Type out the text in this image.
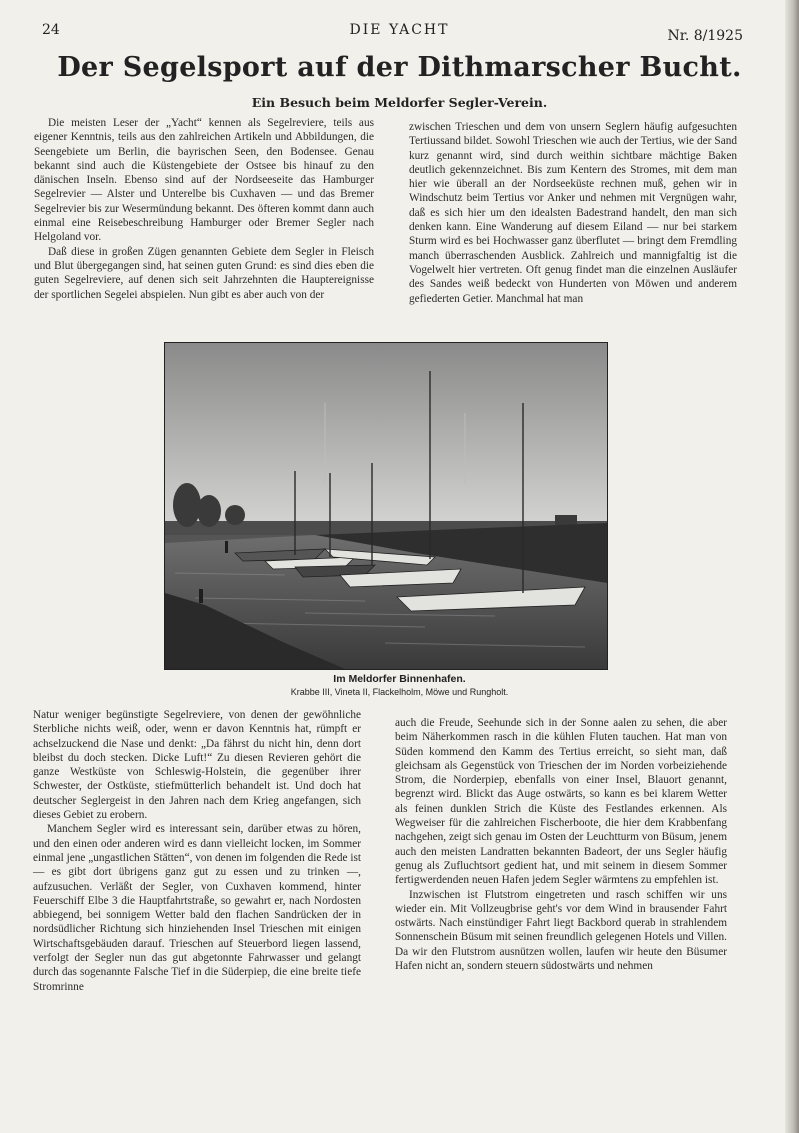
24	DIE YACHT	Nr. 8/1925
Der Segelsport auf der Dithmarscher Bucht.
Ein Besuch beim Meldorfer Segler-Verein.

Die meisten Leser der „Yacht“ kennen als Segelreviere, teils aus eigener Kenntnis, teils aus den zahlreichen Artikeln und Abbildungen, die Seengebiete um Berlin, die bayrischen Seen, den Bodensee. Genau bekannt sind auch die Küstengebiete der Ostsee bis hinauf zu den dänischen Inseln. Ebenso sind auf der Nordseeseite das Hamburger Segelrevier — Alster und Unterelbe bis Cuxhaven — und das Bremer Segelrevier bis zur Wesermündung bekannt. Des öfteren kommt dann auch einmal eine Reisebeschreibung Hamburger oder Bremer Segler nach Helgoland vor.

Daß diese in großen Zügen genannten Gebiete dem Segler in Fleisch und Blut übergegangen sind, hat seinen guten Grund: es sind dies eben die guten Segelreviere, auf denen sich seit Jahrzehnten die Hauptereignisse der sportlichen Segelei abspielen. Nun gibt es aber auch von der

zwischen Trieschen und dem von unsern Seglern häufig aufgesuchten Tertiussand bildet. Sowohl Trieschen wie auch der Tertius, wie der Sand kurz genannt wird, sind durch weithin sichtbare mächtige Baken deutlich gekennzeichnet. Bis zum Kentern des Stromes, mit dem man hier wie überall an der Nordseeküste rechnen muß, gehen wir in Windschutz beim Tertius vor Anker und nehmen mit Vergnügen wahr, daß es sich hier um den idealsten Badestrand handelt, den man sich denken kann. Eine Wanderung auf diesem Eiland — nur bei starkem Sturm wird es bei Hochwasser ganz überflutet — bringt dem Fremdling manch überraschenden Ausblick. Zahlreich und mannigfaltig ist die Vogelwelt hier vertreten. Oft genug findet man die einzelnen Ausläufer des Sandes weiß bedeckt von Hunderten von Möwen und anderem gefiederten Getier. Manchmal hat man

Im Meldorfer Binnenhafen.
Krabbe III, Vineta II, Flackelholm, Möwe und Rungholt.

Natur weniger begünstigte Segelreviere, von denen der gewöhnliche Sterbliche nichts weiß, oder, wenn er davon Kenntnis hat, rümpft er achselzuckend die Nase und denkt: „Da fährst du nicht hin, denn dort bleibst du doch stecken. Dicke Luft!“ Zu diesen Revieren gehört die ganze Westküste von Schleswig-Holstein, die gegenüber ihrer Schwester, der Ostküste, stiefmütterlich behandelt ist. Und doch hat deutscher Seglergeist in den Jahren nach dem Krieg angefangen, sich dieses Gebiet zu erobern.

Manchem Segler wird es interessant sein, darüber etwas zu hören, und den einen oder anderen wird es dann vielleicht locken, im Sommer einmal jene „ungastlichen Stätten“, von denen im folgenden die Rede ist — es gibt dort übrigens ganz gut zu essen und zu trinken —, aufzusuchen. Verläßt der Segler, von Cuxhaven kommend, hinter Feuerschiff Elbe 3 die Hauptfahrtstraße, so gewahrt er, nach Nordosten abbiegend, bei sonnigem Wetter bald den flachen Sandrücken der in nordsüdlicher Richtung sich hinziehenden Insel Trieschen mit einigen Wirtschaftsgebäuden darauf. Trieschen auf Steuerbord liegen lassend, verfolgt der Segler nun das gut abgetonnte Fahrwasser und gelangt durch das sogenannte Falsche Tief in die Süderpiep, die eine breite tiefe Stromrinne

auch die Freude, Seehunde sich in der Sonne aalen zu sehen, die aber beim Näherkommen rasch in die kühlen Fluten tauchen. Hat man von Süden kommend den Kamm des Tertius erreicht, so sieht man, daß gleichsam als Gegenstück von Trieschen der im Norden vorbeiziehende Strom, die Norderpiep, ebenfalls von einer Insel, Blauort genannt, begrenzt wird. Blickt das Auge ostwärts, so kann es bei klarem Wetter als feinen dunklen Strich die Küste des Festlandes erkennen. Als Wegweiser für die zahlreichen Fischerboote, die hier dem Krabbenfang nachgehen, zeigt sich genau im Osten der Leuchtturm von Büsum, jenem auch den meisten Landratten bekannten Badeort, der uns Segler häufig genug als Zufluchtsort gedient hat, und mit seinem in diesem Sommer fertigwerdenden neuen Hafen jedem Segler wärmtens zu empfehlen ist.

Inzwischen ist Flutstrom eingetreten und rasch schiffen wir uns wieder ein. Mit Vollzeugbrise geht's vor dem Wind in brausender Fahrt ostwärts. Nach einstündiger Fahrt liegt Backbord querab in strahlendem Sonnenschein Büsum mit seinen freundlich gelegenen Hotels und Villen. Da wir den Flutstrom ausnützen wollen, laufen wir heute den Büsumer Hafen nicht an, sondern steuern südostwärts und nehmen
